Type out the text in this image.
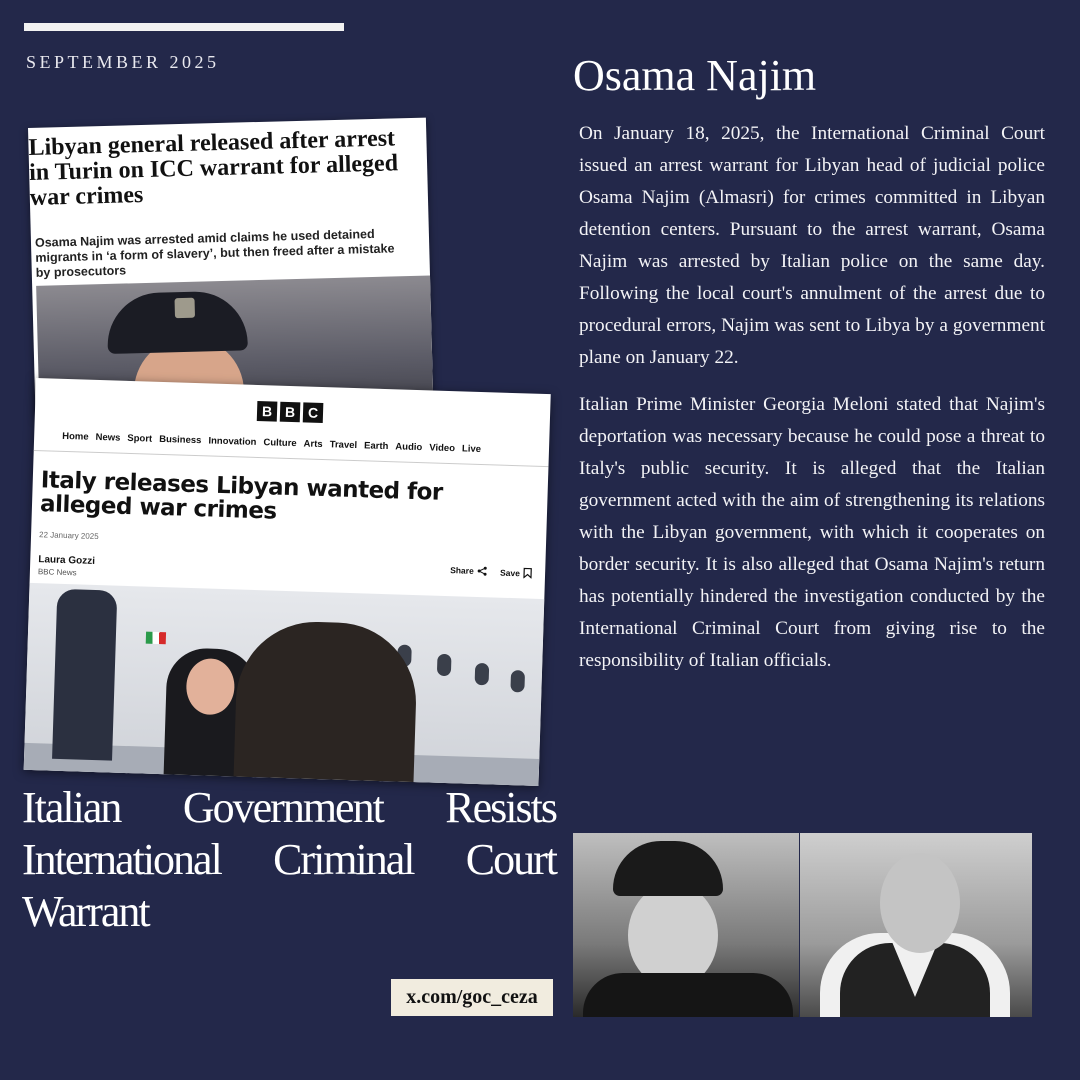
SEPTEMBER 2025	Osama Najim

On January 18, 2025, the International Criminal Court issued an arrest warrant for Libyan head of judicial police Osama Najim (Almasri) for crimes committed in Libyan detention centers. Pursuant to the arrest warrant, Osama Najim was arrested by Italian police on the same day. Following the local court's annulment of the arrest due to procedural errors, Najim was sent to Libya by a government plane on January 22.

Italian Prime Minister Georgia Meloni stated that Najim's deportation was necessary because he could pose a threat to Italy's public security. It is alleged that the Italian government acted with the aim of strengthening its relations with the Libyan government, with which it cooperates on border security. It is also alleged that Osama Najim's return has potentially hindered the investigation conducted by the International Criminal Court from giving rise to the responsibility of Italian officials.

Libyan general released after arrest in Turin on ICC warrant for alleged war crimes
Osama Najim was arrested amid claims he used detained migrants in ‘a form of slavery’, but then freed after a mistake by prosecutors
B B C
Home News Sport Business Innovation Culture Arts Travel Earth Audio Video Live
Italy releases Libyan wanted for alleged war crimes
22 January 2025
Laura Gozzi
BBC News	Share	Save
Italian Government Resists International Criminal Court Warrant
x.com/goc_ceza
